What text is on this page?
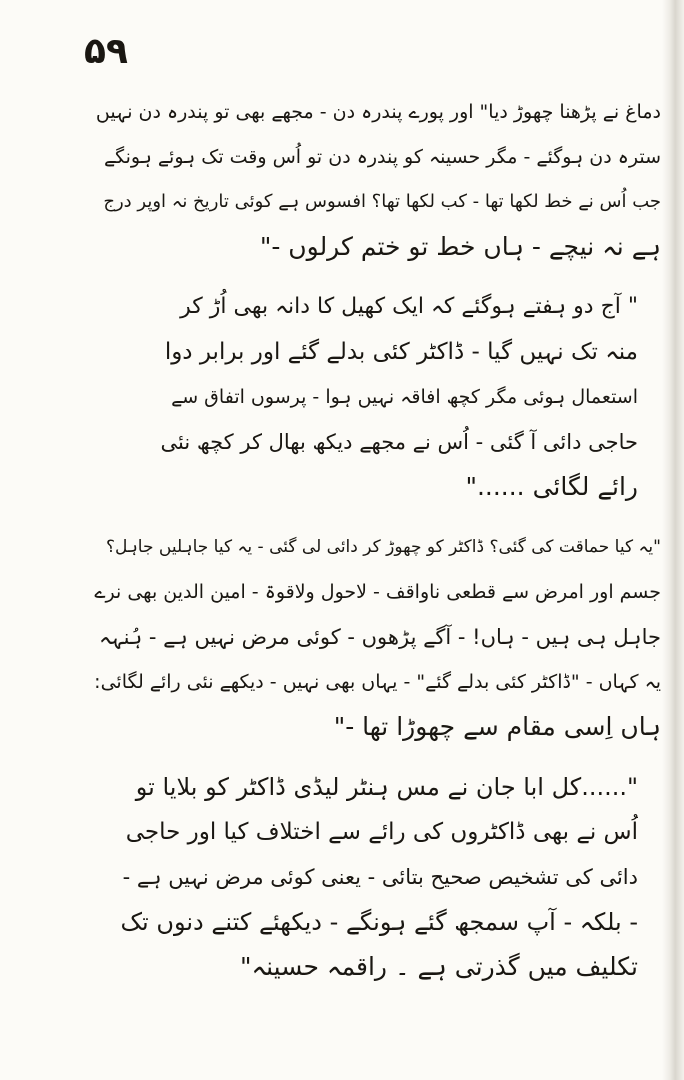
۵۹
دماغ نے پڑھنا چھوڑ دیا" اور پورے پندرہ دن - مجھے بھی تو پندرہ دن نہیں
سترہ دن ہوگئے - مگر حسینہ کو پندرہ دن تو اُس وقت تک ہوئے ہونگے
جب اُس نے خط لکھا تھا - کب لکھا تھا؟ افسوس ہے کوئی تاریخ نہ اوپر درج
ہے نہ نیچے - ہاں خط تو ختم کرلوں -"
" آج دو ہفتے ہوگئے کہ ایک کھیل کا دانہ بھی اُڑ کر
منہ تک نہیں گیا - ڈاکٹر کئی بدلے گئے اور برابر دوا
استعمال ہوئی مگر کچھ افاقہ نہیں ہوا - پرسوں اتفاق سے
حاجی دائی آ گئی - اُس نے مجھے دیکھ بھال کر کچھ نئی
رائے لگائی ......"
"یہ کیا حماقت کی گئی؟ ڈاکٹر کو چھوڑ کر دائی لی گئی - یہ کیا جاہلیں جاہل؟
جسم اور امرض سے قطعی ناواقف - لاحول ولاقوۃ - امین الدین بھی نرے
جاہل ہی ہیں - ہاں! - آگے پڑھوں - کوئی مرض نہیں ہے - ہُنہہ
یہ کہاں - "ڈاکٹر کئی بدلے گئے" - یہاں بھی نہیں - دیکھے نئی رائے لگائی:
ہاں اِسی مقام سے چھوڑا تھا -"
"......کل ابا جان نے مس ہنٹر لیڈی ڈاکٹر کو بلایا تو
اُس نے بھی ڈاکٹروں کی رائے سے اختلاف کیا اور حاجی
دائی کی تشخیص صحیح بتائی - یعنی کوئی مرض نہیں ہے -
- بلکہ - آپ سمجھ گئے ہونگے - دیکھئے کتنے دنوں تک
تکلیف میں گذرتی ہے ۔ راقمہ حسینہ"
